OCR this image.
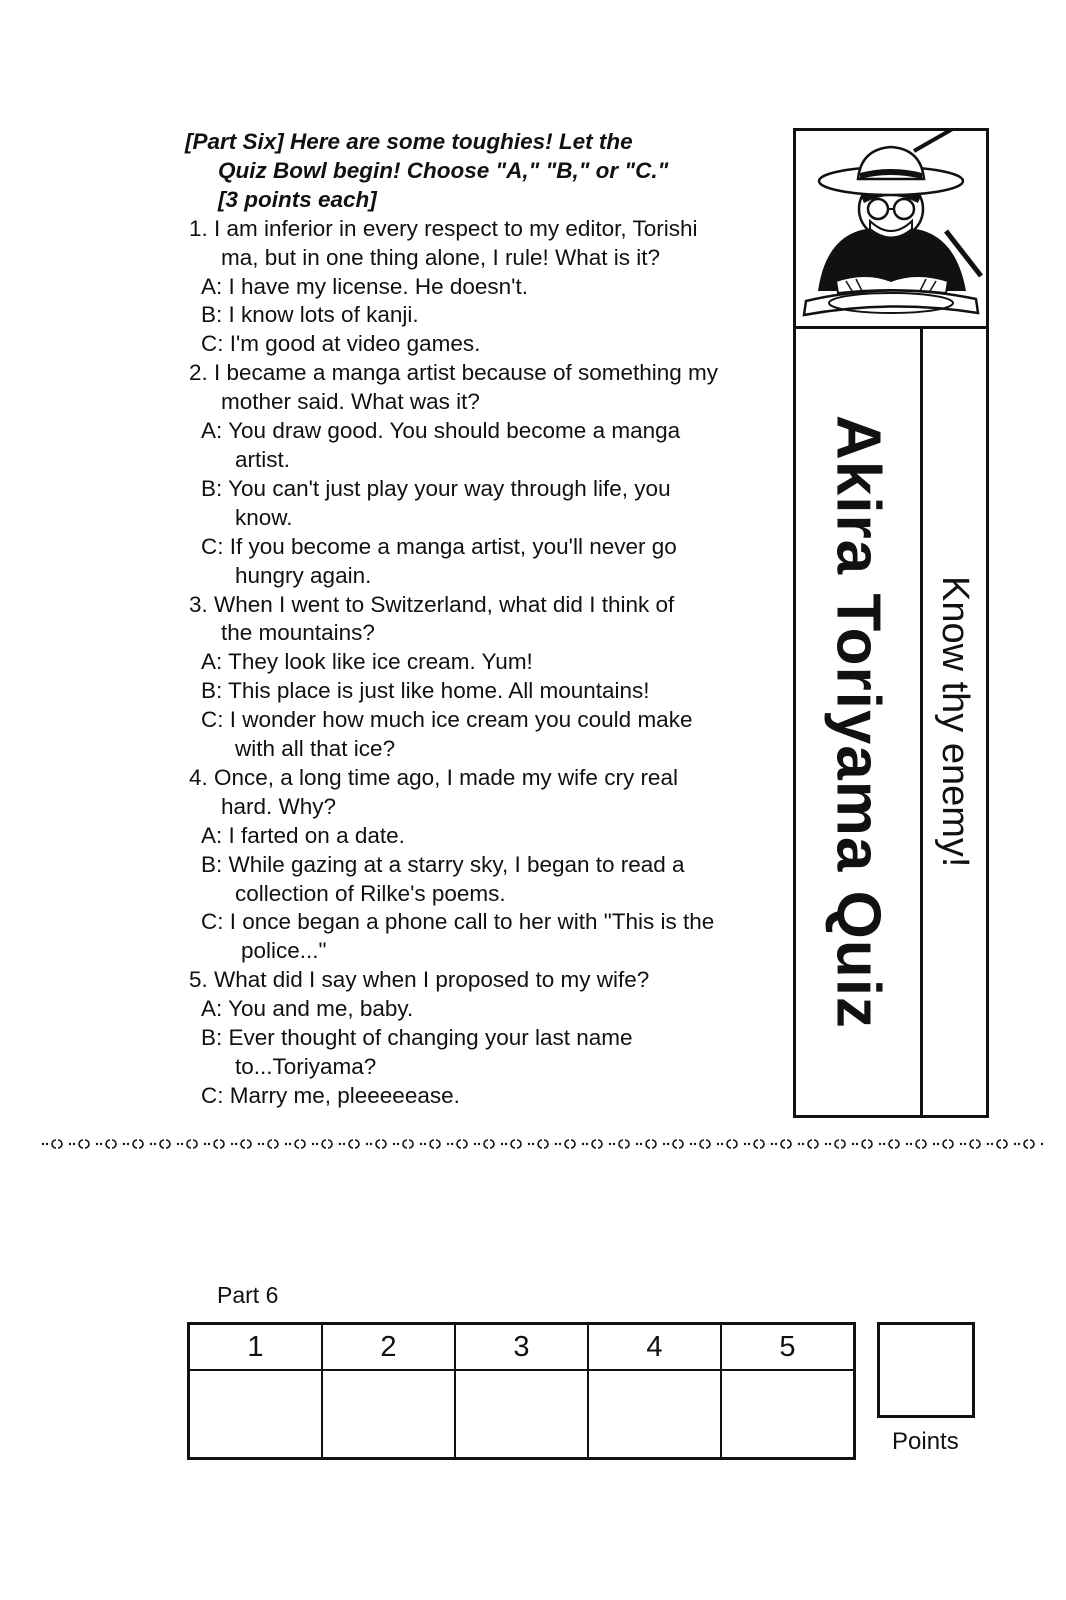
[Part Six] Here are some toughies! Let the
Quiz Bowl begin! Choose "A," "B," or "C."
[3 points each]
1. I am inferior in every respect to my editor, Torishi
ma, but in one thing alone, I rule! What is it?
A: I have my license. He doesn't.
B: I know lots of kanji.
C: I'm good at video games.
2. I became a manga artist because of something my
mother said. What was it?
A: You draw good. You should become a manga
artist.
B: You can't just play your way through life, you
know.
C: If you become a manga artist, you'll never go
hungry again.
3. When I went to Switzerland, what did I think of
the mountains?
A: They look like ice cream. Yum!
B: This place is just like home. All mountains!
C: I wonder how much ice cream you could make
with all that ice?
4. Once, a long time ago, I made my wife cry real
hard. Why?
A: I farted on a date.
B: While gazing at a starry sky, I began to read a
collection of Rilke's poems.
C: I once began a phone call to her with "This is the
police..."
5. What did I say when I proposed to my wife?
A: You and me, baby.
B: Ever thought of changing your last name
to...Toriyama?
C: Marry me, pleeeeease.
Akira Toriyama Quiz Know thy enemy!
Part 6
1	2	3	4	5

Points
